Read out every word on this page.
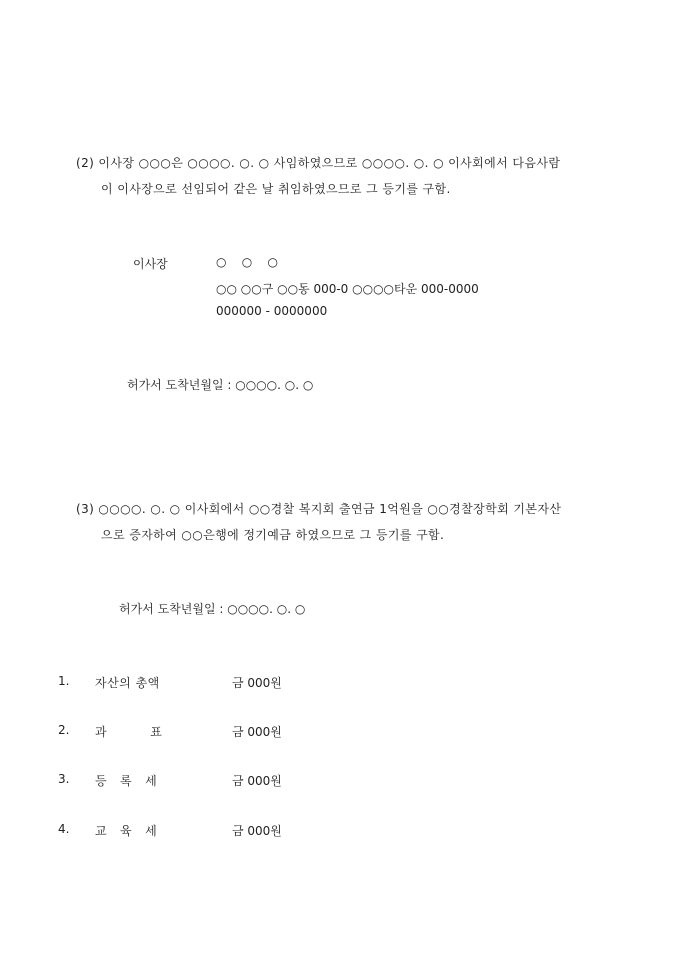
(2) 이사장 ○○○은 ○○○○. ○. ○ 사임하였으므로 ○○○○. ○. ○ 이사회에서 다음사람
이 이사장으로 선임되어 같은 날 취임하였으므로 그 등기를 구함.
이사장	○    ○    ○
○○ ○○구 ○○동 000-0 ○○○○타운 000-0000
000000 - 0000000
허가서 도착년월일 : ○○○○. ○. ○
(3) ○○○○. ○. ○ 이사회에서 ○○경찰 복지회 출연금 1억원을 ○○경찰장학회 기본자산
으로 증자하여 ○○은행에 정기예금 하였으므로 그 등기를 구함.
허가서 도착년월일 : ○○○○. ○. ○
1. 자산의 총액	금 000원
2. 과          표	금 000원
3. 등   록   세	금 000원
4. 교   육   세	금 000원
